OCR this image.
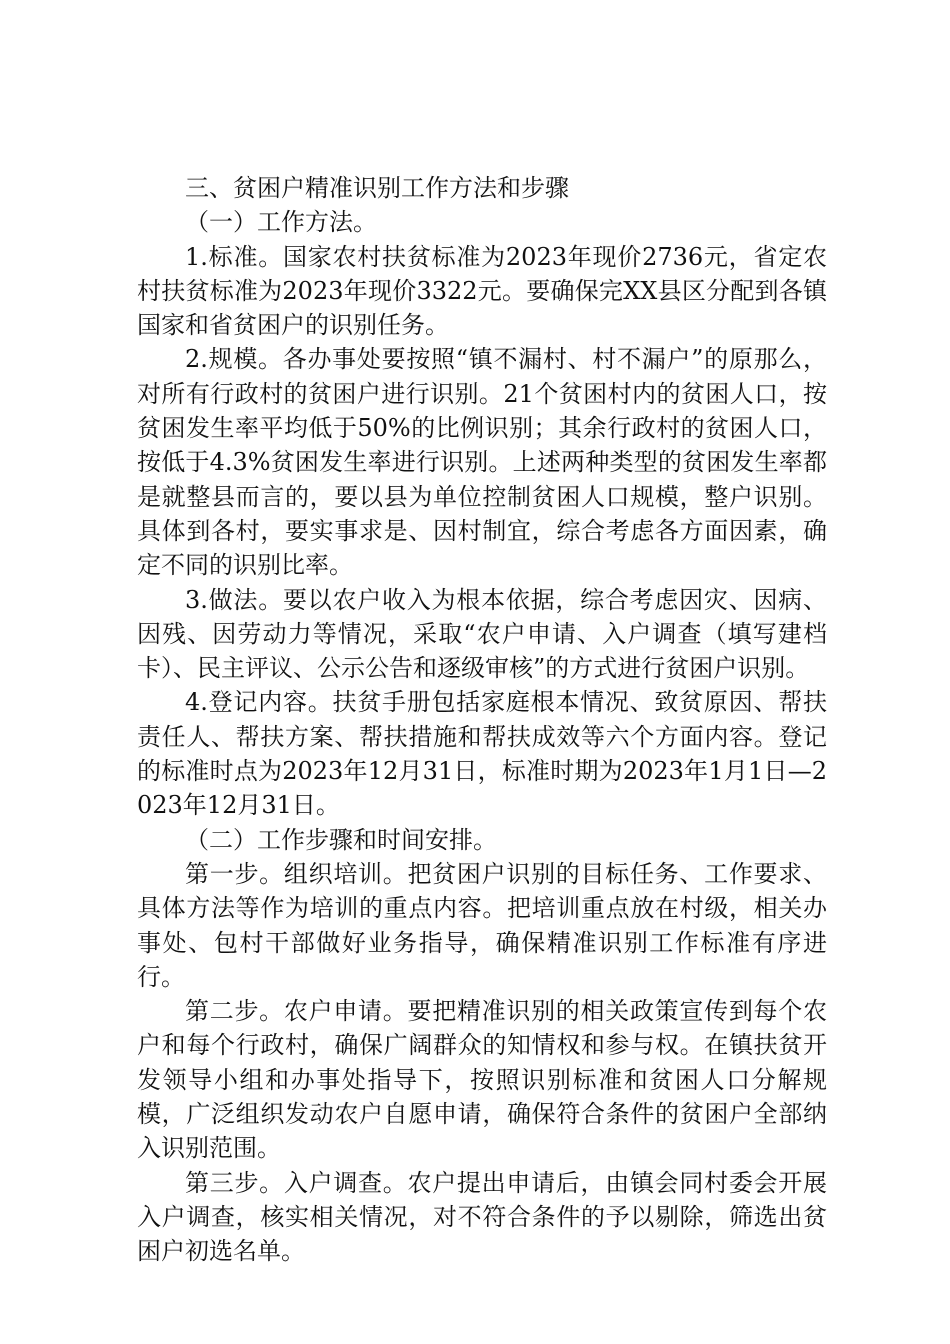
三、贫困户精准识别工作方法和步骤

（一）工作方法。

1.标准。国家农村扶贫标准为2023年现价2736元，省定农村扶贫标准为2023年现价3322元。要确保完XX县区分配到各镇国家和省贫困户的识别任务。

2.规模。各办事处要按照“镇不漏村、村不漏户”的原那么，对所有行政村的贫困户进行识别。21个贫困村内的贫困人口，按贫困发生率平均低于50%的比例识别；其余行政村的贫困人口，按低于4.3%贫困发生率进行识别。上述两种类型的贫困发生率都是就整县而言的，要以县为单位控制贫困人口规模，整户识别。具体到各村，要实事求是、因村制宜，综合考虑各方面因素，确定不同的识别比率。

3.做法。要以农户收入为根本依据，综合考虑因灾、因病、因残、因劳动力等情况，采取“农户申请、入户调查（填写建档卡）、民主评议、公示公告和逐级审核”的方式进行贫困户识别。

4.登记内容。扶贫手册包括家庭根本情况、致贫原因、帮扶责任人、帮扶方案、帮扶措施和帮扶成效等六个方面内容。登记的标准时点为2023年12月31日，标准时期为2023年1月1日—2023年12月31日。

（二）工作步骤和时间安排。

第一步。组织培训。把贫困户识别的目标任务、工作要求、具体方法等作为培训的重点内容。把培训重点放在村级，相关办事处、包村干部做好业务指导，确保精准识别工作标准有序进行。

第二步。农户申请。要把精准识别的相关政策宣传到每个农户和每个行政村，确保广阔群众的知情权和参与权。在镇扶贫开发领导小组和办事处指导下，按照识别标准和贫困人口分解规模，广泛组织发动农户自愿申请，确保符合条件的贫困户全部纳入识别范围。

第三步。入户调查。农户提出申请后，由镇会同村委会开展入户调查，核实相关情况，对不符合条件的予以剔除，筛选出贫困户初选名单。
